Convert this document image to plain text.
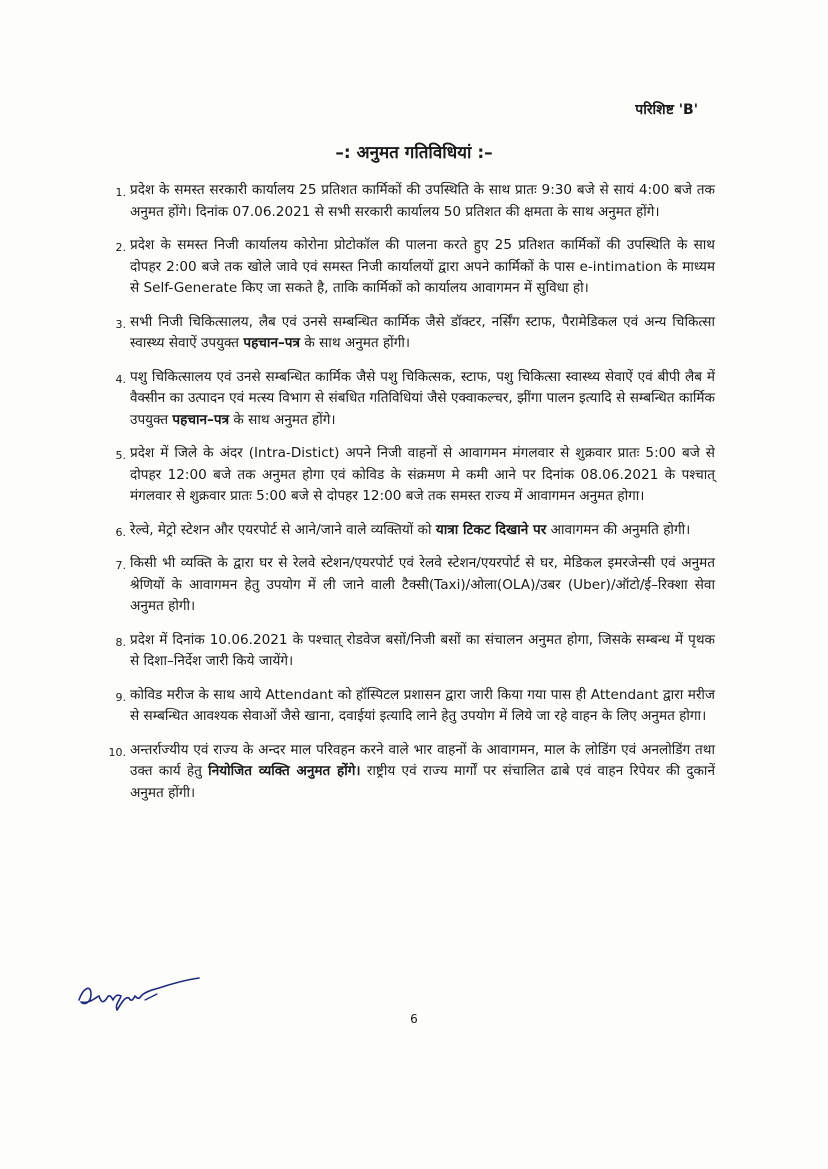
परिशिष्ट 'B'
–: अनुमत गतिविधियां :–
1. प्रदेश के समस्त सरकारी कार्यालय 25 प्रतिशत कार्मिकों की उपस्थिति के साथ प्रातः 9:30 बजे से सायं 4:00 बजे तक अनुमत होंगे। दिनांक 07.06.2021 से सभी सरकारी कार्यालय 50 प्रतिशत की क्षमता के साथ अनुमत होंगे।
2. प्रदेश के समस्त निजी कार्यालय कोरोना प्रोटोकॉल की पालना करते हुए 25 प्रतिशत कार्मिकों की उपस्थिति के साथ दोपहर 2:00 बजे तक खोले जावे एवं समस्त निजी कार्यालयों द्वारा अपने कार्मिकों के पास e-intimation के माध्यम से Self-Generate किए जा सकते है, ताकि कार्मिकों को कार्यालय आवागमन में सुविधा हो।
3. सभी निजी चिकित्सालय, लैब एवं उनसे सम्बन्धित कार्मिक जैसे डॉक्टर, नर्सिंग स्टाफ, पैरामेडिकल एवं अन्य चिकित्सा स्वास्थ्य सेवाऐं उपयुक्त पहचान–पत्र के साथ अनुमत होंगी।
4. पशु चिकित्सालय एवं उनसे सम्बन्धित कार्मिक जैसे पशु चिकित्सक, स्टाफ, पशु चिकित्सा स्वास्थ्य सेवाऐं एवं बीपी लैब में वैक्सीन का उत्पादन एवं मत्स्य विभाग से संबधित गतिविधियां जैसे एक्वाकल्चर, झींगा पालन इत्यादि से सम्बन्धित कार्मिक उपयुक्त पहचान–पत्र के साथ अनुमत होंगे।
5. प्रदेश में जिले के अंदर (Intra-Distict) अपने निजी वाहनों से आवागमन मंगलवार से शुक्रवार प्रातः 5:00 बजे से दोपहर 12:00 बजे तक अनुमत होगा एवं कोविड के संक्रमण मे कमी आने पर दिनांक 08.06.2021 के पश्चात् मंगलवार से शुक्रवार प्रातः 5:00 बजे से दोपहर 12:00 बजे तक समस्त राज्य में आवागमन अनुमत होगा।
6. रेल्वे, मेट्रो स्टेशन और एयरपोर्ट से आने/जाने वाले व्यक्तियों को यात्रा टिकट दिखाने पर आवागमन की अनुमति होगी।
7. किसी भी व्यक्ति के द्वारा घर से रेलवे स्टेशन/एयरपोर्ट एवं रेलवे स्टेशन/एयरपोर्ट से घर, मेडिकल इमरजेन्सी एवं अनुमत श्रेणियों के आवागमन हेतु उपयोग में ली जाने वाली टैक्सी(Taxi)/ओला(OLA)/उबर (Uber)/ऑटो/ई–रिक्शा सेवा अनुमत होगी।
8. प्रदेश में दिनांक 10.06.2021 के पश्चात् रोडवेज बसों/निजी बसों का संचालन अनुमत होगा, जिसके सम्बन्ध में पृथक से दिशा–निर्देश जारी किये जायेंगे।
9. कोविड मरीज के साथ आये Attendant को हॉस्पिटल प्रशासन द्वारा जारी किया गया पास ही Attendant द्वारा मरीज से सम्बन्धित आवश्यक सेवाओं जैसे खाना, दवाईयां इत्यादि लाने हेतु उपयोग में लिये जा रहे वाहन के लिए अनुमत होगा।
10. अन्तर्राज्यीय एवं राज्य के अन्दर माल परिवहन करने वाले भार वाहनों के आवागमन, माल के लोडिंग एवं अनलोडिंग तथा उक्त कार्य हेतु नियोजित व्यक्ति अनुमत होंगे। राष्ट्रीय एवं राज्य मार्गों पर संचालित ढाबे एवं वाहन रिपेयर की दुकानें अनुमत होंगी।
6
